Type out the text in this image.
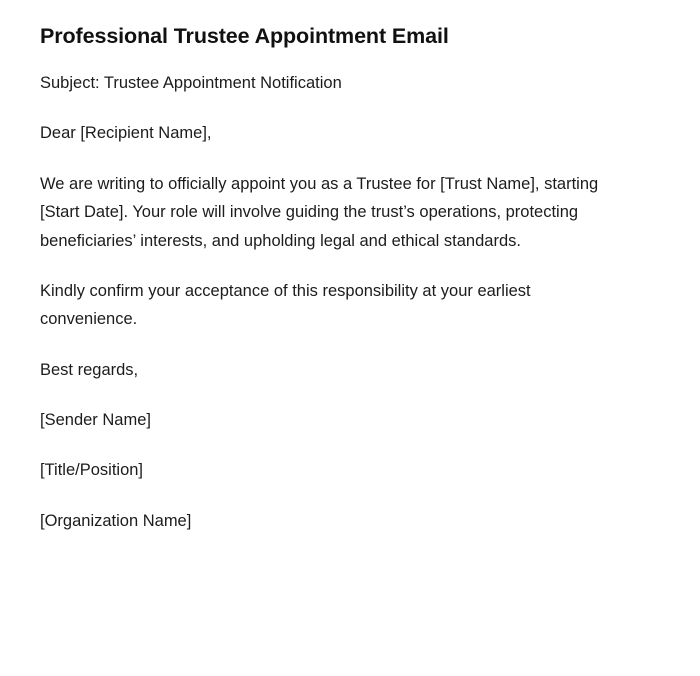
Professional Trustee Appointment Email

Subject: Trustee Appointment Notification

Dear [Recipient Name],

We are writing to officially appoint you as a Trustee for [Trust Name], starting [Start Date]. Your role will involve guiding the trust’s operations, protecting beneficiaries’ interests, and upholding legal and ethical standards.

Kindly confirm your acceptance of this responsibility at your earliest convenience.

Best regards,

[Sender Name]

[Title/Position]

[Organization Name]
